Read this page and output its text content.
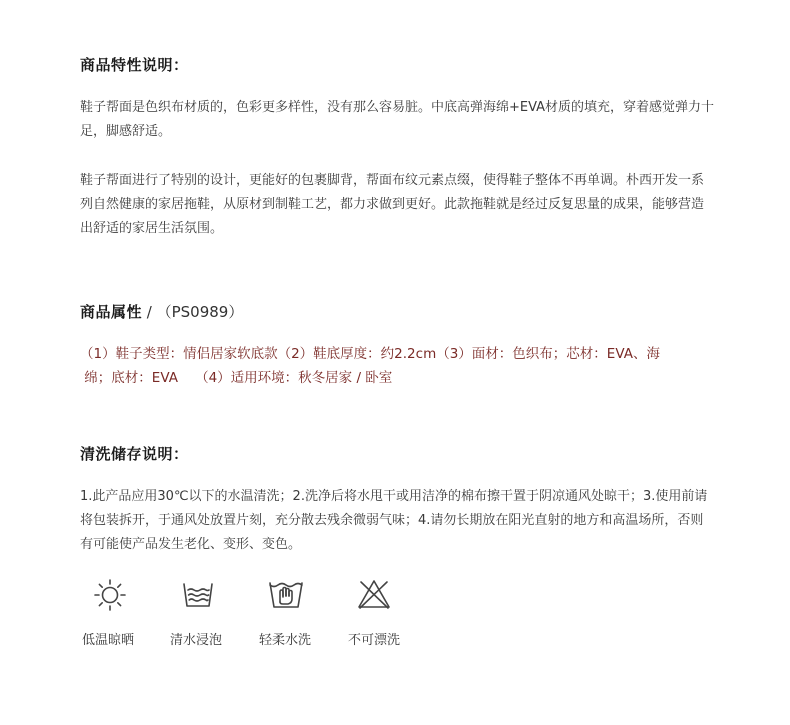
商品特性说明：
鞋子帮面是色织布材质的，色彩更多样性，没有那么容易脏。中底高弹海绵+EVA材质的填充，穿着感觉弹力十足，脚感舒适。
鞋子帮面进行了特别的设计，更能好的包裹脚背，帮面布纹元素点缀，使得鞋子整体不再单调。朴西开发一系列自然健康的家居拖鞋，从原材到制鞋工艺，都力求做到更好。此款拖鞋就是经过反复思量的成果，能够营造出舒适的家居生活氛围。
商品属性 / （PS0989）
（1）鞋子类型：情侣居家软底款（2）鞋底厚度：约2.2cm（3）面材：色织布；芯材：EVA、海
绵；底材：EVA    （4）适用环境：秋冬居家 / 卧室
清洗储存说明：
1.此产品应用30℃以下的水温清洗；2.洗净后将水甩干或用洁净的棉布擦干置于阴凉通风处晾干；3.使用前请将包装拆开，于通风处放置片刻，充分散去残余微弱气味；4.请勿长期放在阳光直射的地方和高温场所，否则有可能使产品发生老化、变形、变色。
低温晾晒	清水浸泡	轻柔水洗	不可漂洗
